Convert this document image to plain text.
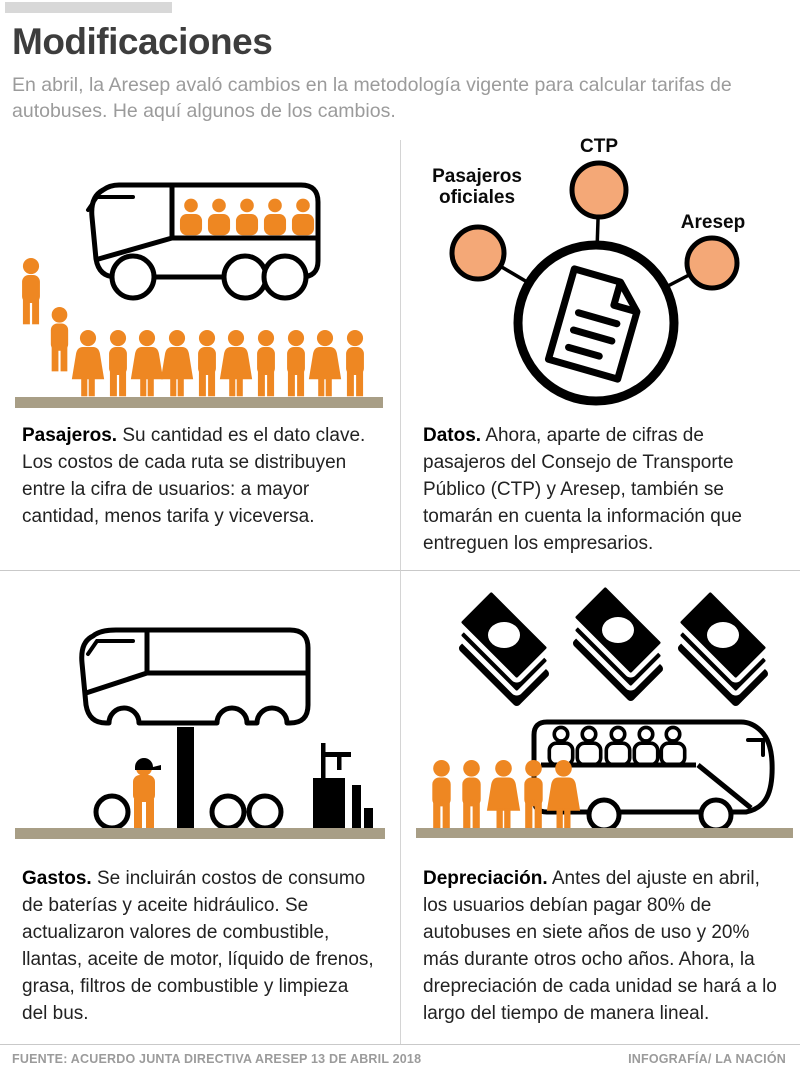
Modificaciones

En abril, la Aresep avaló cambios en la metodología vigente para calcular tarifas de autobuses. He aquí algunos de los cambios.

Pasajeros. Su cantidad es el dato clave. Los costos de cada ruta se distribuyen entre la cifra de usuarios: a mayor cantidad, menos tarifa y viceversa.

CTP
Pasajeros oficiales
Aresep

Datos. Ahora, aparte de cifras de pasajeros del Consejo de Transporte Público (CTP) y Aresep, también se tomarán en cuenta la información que entreguen los empresarios.

Gastos. Se incluirán costos de consumo de baterías y aceite hidráulico. Se actualizaron valores de combustible, llantas, aceite de motor, líquido de frenos, grasa, filtros de combustible y limpieza del bus.

Depreciación. Antes del ajuste en abril, los usuarios debían pagar 80% de autobuses en siete años de uso y 20% más durante otros ocho años. Ahora, la drepreciación de cada unidad se hará a lo largo del tiempo de manera lineal.

FUENTE: ACUERDO JUNTA DIRECTIVA ARESEP 13 DE ABRIL 2018	INFOGRAFÍA/ LA NACIÓN
